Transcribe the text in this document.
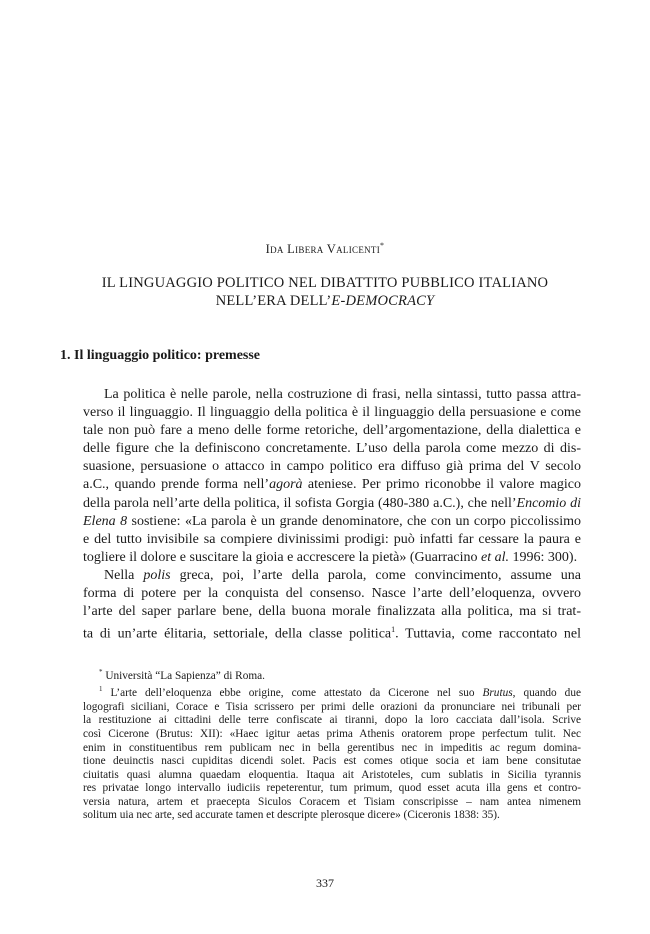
Ida Libera Valicenti*
IL LINGUAGGIO POLITICO NEL DIBATTITO PUBBLICO ITALIANO
NELL’ERA DELL’E-DEMOCRACY
1. Il linguaggio politico: premesse

La politica è nelle parole, nella costruzione di frasi, nella sintassi, tutto passa attra-
verso il linguaggio. Il linguaggio della politica è il linguaggio della persuasione e come
tale non può fare a meno delle forme retoriche, dell’argomentazione, della dialettica e
delle figure che la definiscono concretamente. L’uso della parola come mezzo di dis-
suasione, persuasione o attacco in campo politico era diffuso già prima del V secolo
a.C., quando prende forma nell’agorà ateniese. Per primo riconobbe il valore magico
della parola nell’arte della politica, il sofista Gorgia (480-380 a.C.), che nell’Encomio di
Elena 8 sostiene: «La parola è un grande denominatore, che con un corpo piccolissimo
e del tutto invisibile sa compiere divinissimi prodigi: può infatti far cessare la paura e
togliere il dolore e suscitare la gioia e accrescere la pietà» (Guarracino et al. 1996: 300).

Nella polis greca, poi, l’arte della parola, come convincimento, assume una
forma di potere per la conquista del consenso. Nasce l’arte dell’eloquenza, ovvero
l’arte del saper parlare bene, della buona morale finalizzata alla politica, ma si trat-
ta di un’arte élitaria, settoriale, della classe politica$^1$. Tuttavia, come raccontato nel

* Università “La Sapienza” di Roma.
$^1$ L’arte dell’eloquenza ebbe origine, come attestato da Cicerone nel suo Brutus, quando due
logografi siciliani, Corace e Tisia scrissero per primi delle orazioni da pronunciare nei tribunali per
la restituzione ai cittadini delle terre confiscate ai tiranni, dopo la loro cacciata dall’isola. Scrive
così Cicerone (Brutus: XII): «Haec igitur aetas prima Athenis oratorem prope perfectum tulit. Nec
enim in constituentibus rem publicam nec in bella gerentibus nec in impeditis ac regum domina-
tione deuinctis nasci cupiditas dicendi solet. Pacis est comes otique socia et iam bene consitutae
ciuitatis quasi alumna quaedam eloquentia. Itaqua ait Aristoteles, cum sublatis in Sicilia tyrannis
res privatae longo intervallo iudiciis repeterentur, tum primum, quod esset acuta illa gens et contro-
versia natura, artem et praecepta Siculos Coracem et Tisiam conscripisse – nam antea nimenem
solitum uia nec arte, sed accurate tamen et descripte plerosque dicere» (Ciceronis 1838: 35).
337
